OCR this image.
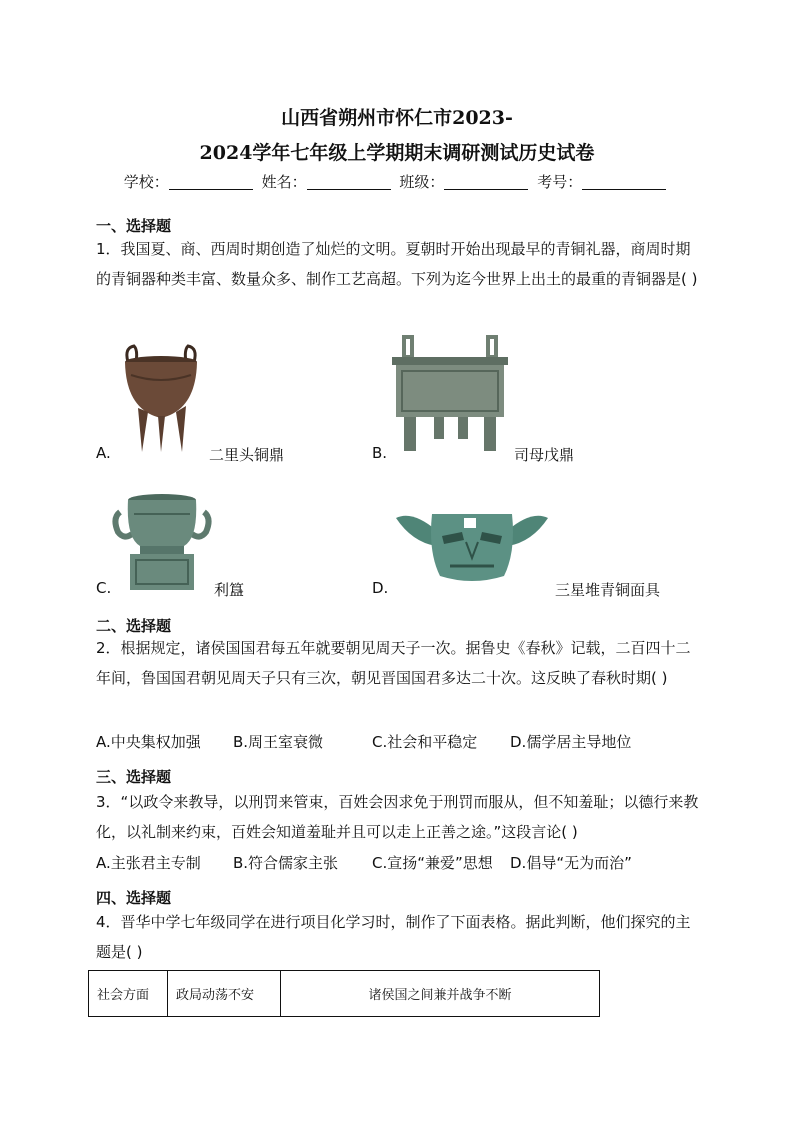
山西省朔州市怀仁市2023-
2024学年七年级上学期期末调研测试历史试卷
学校：	姓名：	班级：	考号：
一、选择题
1．我国夏、商、西周时期创造了灿烂的文明。夏朝时开始出现最早的青铜礼器，商周时期的青铜器种类丰富、数量众多、制作工艺高超。下列为迄今世界上出土的最重的青铜器是( )
A.	二里头铜鼎	B.	司母戊鼎
C.	利簋	D.	三星堆青铜面具
二、选择题
2．根据规定，诸侯国国君每五年就要朝见周天子一次。据鲁史《春秋》记载，二百四十二年间，鲁国国君朝见周天子只有三次，朝见晋国国君多达二十次。这反映了春秋时期( )
A.中央集权加强 B.周王室衰微	C.社会和平稳定 D.儒学居主导地位
三、选择题
3．“以政令来教导，以刑罚来管束，百姓会因求免于刑罚而服从，但不知羞耻；以德行来教化，以礼制来约束，百姓会知道羞耻并且可以走上正善之途。”这段言论( )
A.主张君主专制 B.符合儒家主张 C.宣扬“兼爱”思想 D.倡导“无为而治”
四、选择题
4．晋华中学七年级同学在进行项目化学习时，制作了下面表格。据此判断，他们探究的主题是( )
社会方面	政局动荡不安	诸侯国之间兼并战争不断
